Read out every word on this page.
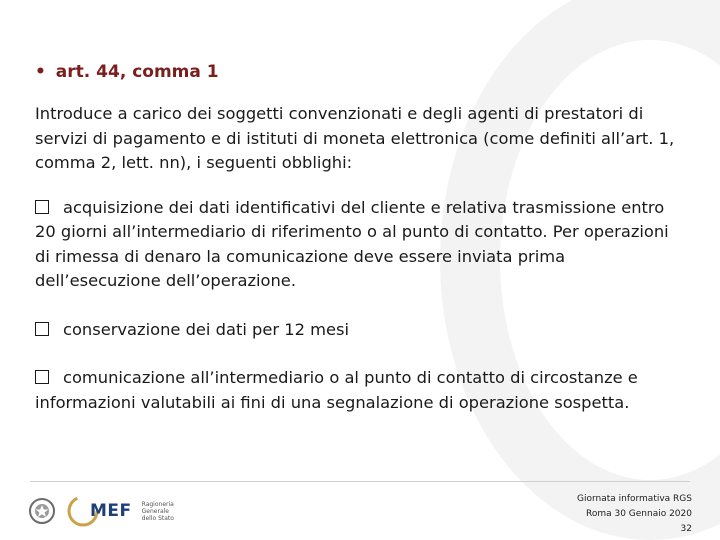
• art. 44, comma 1

Introduce a carico dei soggetti convenzionati e degli agenti di prestatori di servizi di pagamento e di istituti di moneta elettronica (come definiti all’art. 1, comma 2, lett. nn), i seguenti obblighi:

acquisizione dei dati identificativi del cliente e relativa trasmissione entro 20 giorni all’intermediario di riferimento o al punto di contatto. Per operazioni di rimessa di denaro la comunicazione deve essere inviata prima dell’esecuzione dell’operazione.
conservazione dei dati per 12 mesi
comunicazione all’intermediario o al punto di contatto di circostanze e informazioni valutabili ai fini di una segnalazione di operazione sospetta.
MEF Ragioneria
Generale
dello Stato
Giornata informativa RGS
Roma 30 Gennaio 2020
32
